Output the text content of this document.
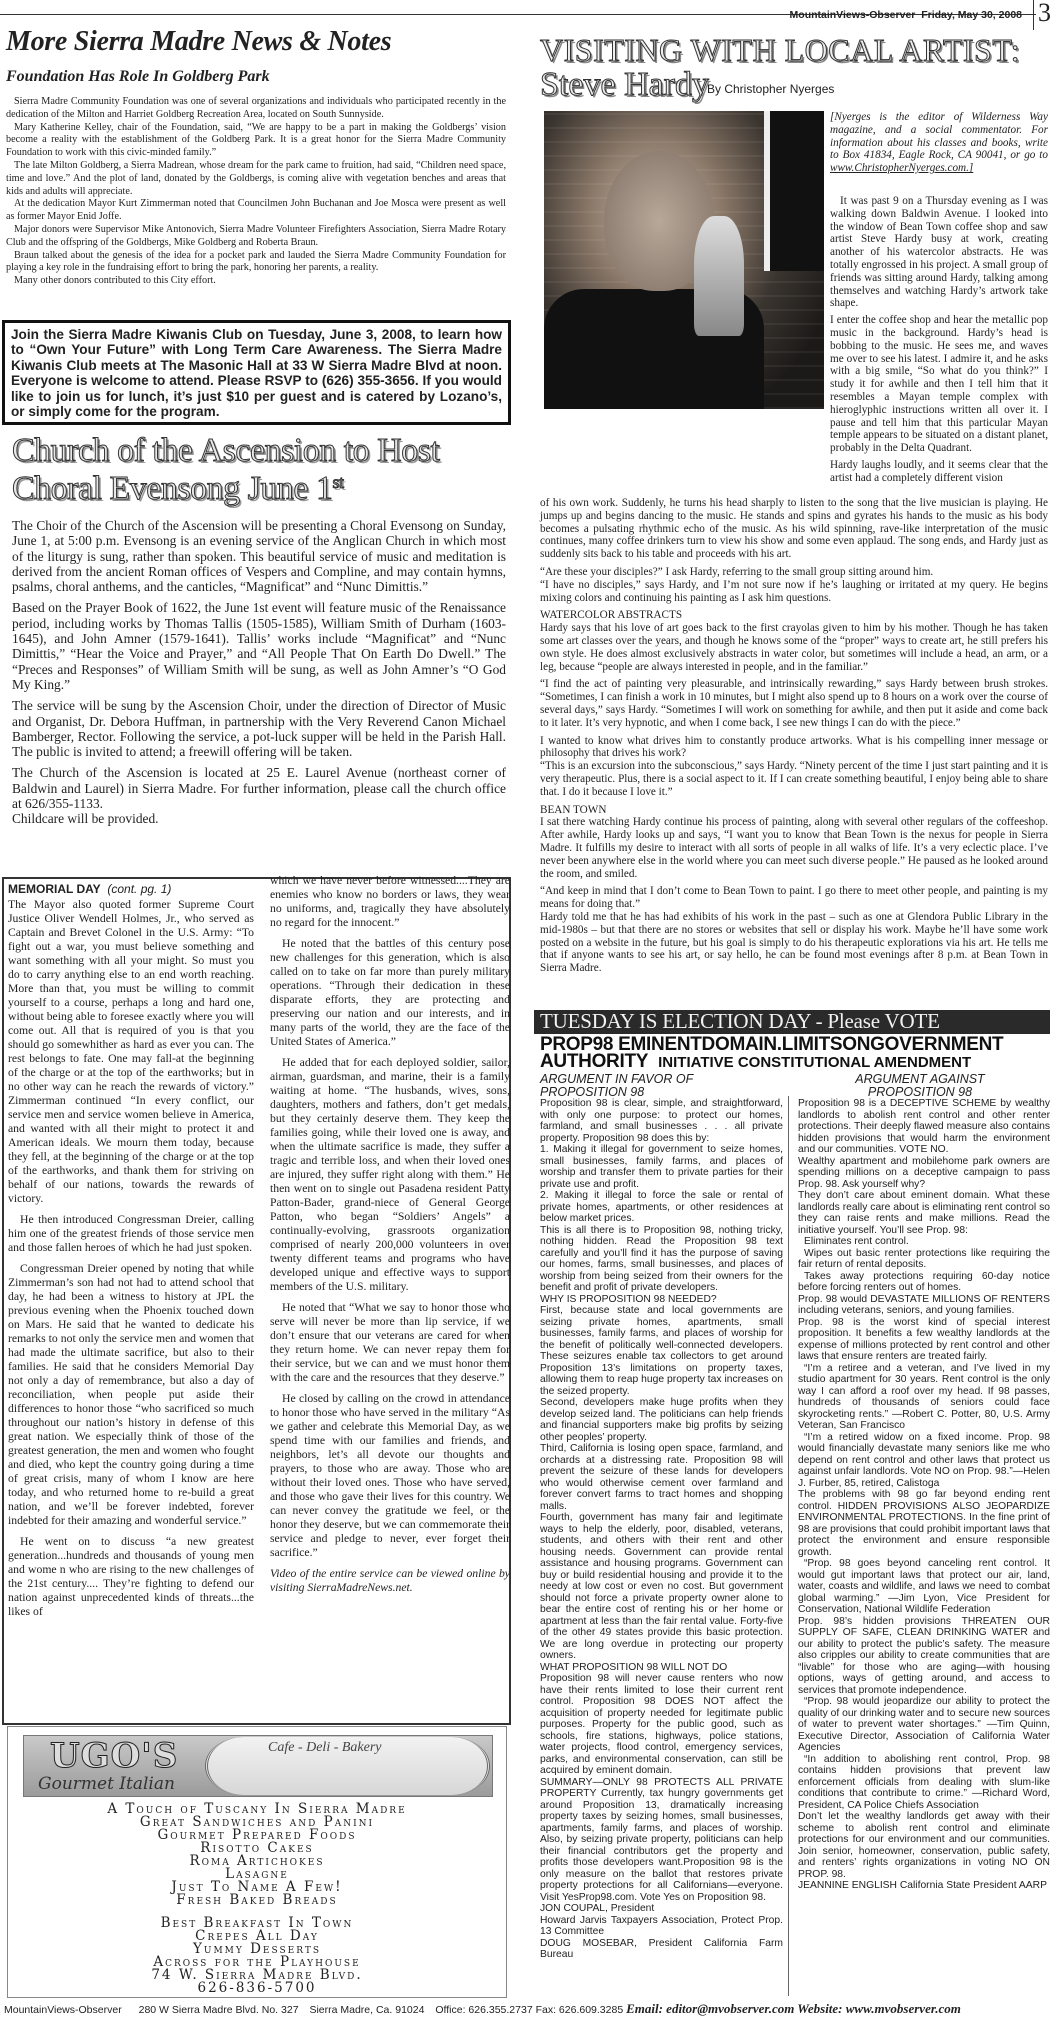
MountainViews-Observer Friday, May 30, 2008 3
More Sierra Madre News & Notes
Foundation Has Role In Goldberg Park

Sierra Madre Community Foundation was one of several organizations and individuals who participated recently in the dedication of the Milton and Harriet Goldberg Recreation Area, located on South Sunnyside.

Mary Katherine Kelley, chair of the Foundation, said, “We are happy to be a part in making the Goldbergs’ vision become a reality with the establishment of the Goldberg Park. It is a great honor for the Sierra Madre Community Foundation to work with this civic-minded family.”

The late Milton Goldberg, a Sierra Madrean, whose dream for the park came to fruition, had said, “Children need space, time and love.” And the plot of land, donated by the Goldbergs, is coming alive with vegetation benches and areas that kids and adults will appreciate.

At the dedication Mayor Kurt Zimmerman noted that Councilmen John Buchanan and Joe Mosca were present as well as former Mayor Enid Joffe.

Major donors were Supervisor Mike Antonovich, Sierra Madre Volunteer Firefighters Association, Sierra Madre Rotary Club and the offspring of the Goldbergs, Mike Goldberg and Roberta Braun.

Braun talked about the genesis of the idea for a pocket park and lauded the Sierra Madre Community Foundation for playing a key role in the fundraising effort to bring the park, honoring her parents, a reality.

Many other donors contributed to this City effort.

Join the Sierra Madre Kiwanis Club on Tuesday, June 3, 2008, to learn how to “Own Your Future” with Long Term Care Awareness. The Sierra Madre Kiwanis Club meets at The Masonic Hall at 33 W Sierra Madre Blvd at noon. Everyone is welcome to attend. Please RSVP to (626) 355-3656. If you would like to join us for lunch, it’s just $10 per guest and is catered by Lozano’s, or simply come for the program.
Church of the Ascension to Host
Choral Evensong June 1st

The Choir of the Church of the Ascension will be presenting a Choral Evensong on Sunday, June 1, at 5:00 p.m. Evensong is an evening service of the Anglican Church in which most of the liturgy is sung, rather than spoken. This beautiful service of music and meditation is derived from the ancient Roman offices of Vespers and Compline, and may contain hymns, psalms, choral anthems, and the canticles, “Magnificat” and “Nunc Dimittis.”

Based on the Prayer Book of 1622, the June 1st event will feature music of the Renaissance period, including works by Thomas Tallis (1505-1585), William Smith of Durham (1603-1645), and John Amner (1579-1641). Tallis’ works include “Magnificat” and “Nunc Dimittis,” “Hear the Voice and Prayer,” and “All People That On Earth Do Dwell.” The “Preces and Responses” of William Smith will be sung, as well as John Amner’s “O God My King.”

The service will be sung by the Ascension Choir, under the direction of Director of Music and Organist, Dr. Debora Huffman, in partnership with the Very Reverend Canon Michael Bamberger, Rector. Following the service, a pot-luck supper will be held in the Parish Hall. The public is invited to attend; a freewill offering will be taken.

The Church of the Ascension is located at 25 E. Laurel Avenue (northeast corner of Baldwin and Laurel) in Sierra Madre. For further information, please call the church office at 626/355-1133.

Childcare will be provided.

MEMORIAL DAY (cont. pg. 1)

The Mayor also quoted former Supreme Court Justice Oliver Wendell Holmes, Jr., who served as Captain and Brevet Colonel in the U.S. Army: “To fight out a war, you must believe something and want something with all your might. So must you do to carry anything else to an end worth reaching. More than that, you must be willing to commit yourself to a course, perhaps a long and hard one, without being able to foresee exactly where you will come out. All that is required of you is that you should go somewhither as hard as ever you can. The rest belongs to fate. One may fall-at the beginning of the charge or at the top of the earthworks; but in no other way can he reach the rewards of victory.” Zimmerman continued “In every conflict, our service men and service women believe in America, and wanted with all their might to protect it and American ideals. We mourn them today, because they fell, at the beginning of the charge or at the top of the earthworks, and thank them for striving on behalf of our nations, towards the rewards of victory.

He then introduced Congressman Dreier, calling him one of the greatest friends of those service men and those fallen heroes of which he had just spoken.

Congressman Dreier opened by noting that while Zimmerman’s son had not had to attend school that day, he had been a witness to history at JPL the previous evening when the Phoenix touched down on Mars. He said that he wanted to dedicate his remarks to not only the service men and women that had made the ultimate sacrifice, but also to their families. He said that he considers Memorial Day not only a day of remembrance, but also a day of reconciliation, when people put aside their differences to honor those “who sacrificed so much throughout our nation’s history in defense of this great nation. We especially think of those of the greatest generation, the men and women who fought and died, who kept the country going during a time of great crisis, many of whom I know are here today, and who returned home to re-build a great nation, and we’ll be forever indebted, forever indebted for their amazing and wonderful service.”

He went on to discuss “a new greatest generation...hundreds and thousands of young men and wome n who are rising to the new challenges of the 21st century.... They’re fighting to defend our nation against unprecedented kinds of threats...the likes of

which we have never before witnessed....They are enemies who know no borders or laws, they wear no uniforms, and, tragically they have absolutely no regard for the innocent.”

He noted that the battles of this century pose new challenges for this generation, which is also called on to take on far more than purely military operations. “Through their dedication in these disparate efforts, they are protecting and preserving our nation and our interests, and in many parts of the world, they are the face of the United States of America.”

He added that for each deployed soldier, sailor, airman, guardsman, and marine, their is a family waiting at home. “The husbands, wives, sons, daughters, mothers and fathers, don’t get medals, but they certainly deserve them. They keep the families going, while their loved one is away, and when the ultimate sacrifice is made, they suffer a tragic and terrible loss, and when their loved ones are injured, they suffer right along with them.” He then went on to single out Pasadena resident Patty Patton-Bader, grand-niece of General George Patton, who began “Soldiers’ Angels” a continually-evolving, grassroots organization comprised of nearly 200,000 volunteers in over twenty different teams and programs who have developed unique and effective ways to support members of the U.S. military.

He noted that “What we say to honor those who serve will never be more than lip service, if we don’t ensure that our veterans are cared for when they return home. We can never repay them for their service, but we can and we must honor them with the care and the resources that they deserve.”

He closed by calling on the crowd in attendance to honor those who have served in the military “As we gather and celebrate this Memorial Day, as we spend time with our families and friends, and neighbors, let’s all devote our thoughts and prayers, to those who are away. Those who are without their loved ones. Those who have served, and those who gave their lives for this country. We can never convey the gratitude we feel, or the honor they deserve, but we can commemorate their service and pledge to never, ever forget their sacrifice.”

Video of the entire service can be viewed online by visiting SierraMadreNews.net.

UGO'S
Gourmet Italian
Cafe - Deli - Bakery
A Touch of Tuscany In Sierra Madre
Great Sandwiches and Panini
Gourmet Prepared Foods
Risotto Cakes
Roma Artichokes
Lasagne
Just To Name A Few!
Fresh Baked Breads
Best Breakfast In Town
Crepes All Day
Yummy Desserts
Across for the Playhouse
74 W. Sierra Madre Blvd.
626-836-5700
VISITING WITH LOCAL ARTIST:
Steve Hardy
By Christopher Nyerges
[Nyerges is the editor of Wilderness Way magazine, and a social commentator. For information about his classes and books, write to Box 41834, Eagle Rock, CA 90041, or go to www.ChristopherNyerges.com.]

It was past 9 on a Thursday evening as I was walking down Baldwin Avenue. I looked into the window of Bean Town coffee shop and saw artist Steve Hardy busy at work, creating another of his watercolor abstracts. He was totally engrossed in his project. A small group of friends was sitting around Hardy, talking among themselves and watching Hardy’s artwork take shape.

I enter the coffee shop and hear the metallic pop music in the background. Hardy’s head is bobbing to the music. He sees me, and waves me over to see his latest. I admire it, and he asks with a big smile, “So what do you think?” I study it for awhile and then I tell him that it resembles a Mayan temple complex with hieroglyphic instructions written all over it. I pause and tell him that this particular Mayan temple appears to be situated on a distant planet, probably in the Delta Quadrant.

Hardy laughs loudly, and it seems clear that the artist had a completely different vision

of his own work. Suddenly, he turns his head sharply to listen to the song that the live musician is playing. He jumps up and begins dancing to the music. He stands and spins and gyrates his hands to the music as his body becomes a pulsating rhythmic echo of the music. As his wild spinning, rave-like interpretation of the music continues, many coffee drinkers turn to view his show and some even applaud. The song ends, and Hardy just as suddenly sits back to his table and proceeds with his art.

“Are these your disciples?” I ask Hardy, referring to the small group sitting around him.

“I have no disciples,” says Hardy, and I’m not sure now if he’s laughing or irritated at my query. He begins mixing colors and continuing his painting as I ask him questions.

WATERCOLOR ABSTRACTS

Hardy says that his love of art goes back to the first crayolas given to him by his mother. Though he has taken some art classes over the years, and though he knows some of the “proper” ways to create art, he still prefers his own style. He does almost exclusively abstracts in water color, but sometimes will include a head, an arm, or a leg, because “people are always interested in people, and in the familiar.”

“I find the act of painting very pleasurable, and intrinsically rewarding,” says Hardy between brush strokes. “Sometimes, I can finish a work in 10 minutes, but I might also spend up to 8 hours on a work over the course of several days,” says Hardy. “Sometimes I will work on something for awhile, and then put it aside and come back to it later. It’s very hypnotic, and when I come back, I see new things I can do with the piece.”

I wanted to know what drives him to constantly produce artworks. What is his compelling inner message or philosophy that drives his work?

“This is an excursion into the subconscious,” says Hardy. “Ninety percent of the time I just start painting and it is very therapeutic. Plus, there is a social aspect to it. If I can create something beautiful, I enjoy being able to share that. I do it because I love it.”

BEAN TOWN

I sat there watching Hardy continue his process of painting, along with several other regulars of the coffeeshop. After awhile, Hardy looks up and says, “I want you to know that Bean Town is the nexus for people in Sierra Madre. It fulfills my desire to interact with all sorts of people in all walks of life. It’s a very eclectic place. I’ve never been anywhere else in the world where you can meet such diverse people.” He paused as he looked around the room, and smiled.

“And keep in mind that I don’t come to Bean Town to paint. I go there to meet other people, and painting is my means for doing that.”

Hardy told me that he has had exhibits of his work in the past – such as one at Glendora Public Library in the mid-1980s – but that there are no stores or websites that sell or display his work. Maybe he’ll have some work posted on a website in the future, but his goal is simply to do his therapeutic explorations via his art. He tells me that if anyone wants to see his art, or say hello, he can be found most evenings after 8 p.m. at Bean Town in Sierra Madre.

TUESDAY IS ELECTION DAY - Please VOTE
PROP98 EMINENTDOMAIN.LIMITSONGOVERNMENT AUTHORITY INITIATIVE CONSTITUTIONAL AMENDMENT
ARGUMENT IN FAVOR OF
PROPOSITION 98
ARGUMENT AGAINST
PROPOSITION 98

Proposition 98 is clear, simple, and straightforward, with only one purpose: to protect our homes, farmland, and small businesses . . . all private property. Proposition 98 does this by:

1. Making it illegal for government to seize homes, small businesses, family farms, and places of worship and transfer them to private parties for their private use and profit.

2. Making it illegal to force the sale or rental of private homes, apartments, or other residences at below market prices.

This is all there is to Proposition 98, nothing tricky, nothing hidden. Read the Proposition 98 text carefully and you’ll find it has the purpose of saving our homes, farms, small businesses, and places of worship from being seized from their owners for the benefit and profit of private developers.

WHY IS PROPOSITION 98 NEEDED?

First, because state and local governments are seizing private homes, apartments, small businesses, family farms, and places of worship for the benefit of politically well-connected developers. These seizures enable tax collectors to get around Proposition 13’s limitations on property taxes, allowing them to reap huge property tax increases on the seized property.

Second, developers make huge profits when they develop seized land. The politicians can help friends and financial supporters make big profits by seizing other peoples’ property.

Third, California is losing open space, farmland, and orchards at a distressing rate. Proposition 98 will prevent the seizure of these lands for developers who would otherwise cement over farmland and forever convert farms to tract homes and shopping malls.

Fourth, government has many fair and legitimate ways to help the elderly, poor, disabled, veterans, students, and others with their rent and other housing needs. Government can provide rental assistance and housing programs. Government can buy or build residential housing and provide it to the needy at low cost or even no cost. But government should not force a private property owner alone to bear the entire cost of renting his or her home or apartment at less than the fair rental value. Forty-five of the other 49 states provide this basic protection. We are long overdue in protecting our property owners.

WHAT PROPOSITION 98 WILL NOT DO

Proposition 98 will never cause renters who now have their rents limited to lose their current rent control. Proposition 98 DOES NOT affect the acquisition of property needed for legitimate public purposes. Property for the public good, such as schools, fire stations, highways, police stations, water projects, flood control, emergency services, parks, and environmental conservation, can still be acquired by eminent domain.

SUMMARY—ONLY 98 PROTECTS ALL PRIVATE PROPERTY Currently, tax hungry governments get around Proposition 13, dramatically increasing property taxes by seizing homes, small businesses, apartments, family farms, and places of worship. Also, by seizing private property, politicians can help their financial contributors get the property and profits those developers want.Proposition 98 is the only measure on the ballot that restores private property protections for all Californians—everyone. Visit YesProp98.com. Vote Yes on Proposition 98.

JON COUPAL, President

Howard Jarvis Taxpayers Association, Protect Prop. 13 Committee

DOUG MOSEBAR, President California Farm Bureau

Proposition 98 is a DECEPTIVE SCHEME by wealthy landlords to abolish rent control and other renter protections. Their deeply flawed measure also contains hidden provisions that would harm the environment and our communities. VOTE NO.

Wealthy apartment and mobilehome park owners are spending millions on a deceptive campaign to pass Prop. 98. Ask yourself why?

They don’t care about eminent domain. What these landlords really care about is eliminating rent control so they can raise rents and make millions. Read the initiative yourself. You’ll see Prop. 98:

Eliminates rent control.

Wipes out basic renter protections like requiring the fair return of rental deposits.

Takes away protections requiring 60-day notice before forcing renters out of homes.

Prop. 98 would DEVASTATE MILLIONS OF RENTERS including veterans, seniors, and young families.

Prop. 98 is the worst kind of special interest proposition. It benefits a few wealthy landlords at the expense of millions protected by rent control and other laws that ensure renters are treated fairly.

“I’m a retiree and a veteran, and I’ve lived in my studio apartment for 30 years. Rent control is the only way I can afford a roof over my head. If 98 passes, hundreds of thousands of seniors could face skyrocketing rents.” —Robert C. Potter, 80, U.S. Army Veteran, San Francisco

“I’m a retired widow on a fixed income. Prop. 98 would financially devastate many seniors like me who depend on rent control and other laws that protect us against unfair landlords. Vote NO on Prop. 98.”—Helen J. Furber, 85, retired, Calistoga

The problems with 98 go far beyond ending rent control. HIDDEN PROVISIONS ALSO JEOPARDIZE ENVIRONMENTAL PROTECTIONS. In the fine print of 98 are provisions that could prohibit important laws that protect the environment and ensure responsible growth.

“Prop. 98 goes beyond canceling rent control. It would gut important laws that protect our air, land, water, coasts and wildlife, and laws we need to combat global warming.” —Jim Lyon, Vice President for Conservation, National Wildlife Federation

Prop. 98’s hidden provisions THREATEN OUR SUPPLY OF SAFE, CLEAN DRINKING WATER and our ability to protect the public’s safety. The measure also cripples our ability to create communities that are “livable” for those who are aging—with housing options, ways of getting around, and access to services that promote independence.

“Prop. 98 would jeopardize our ability to protect the quality of our drinking water and to secure new sources of water to prevent water shortages.” —Tim Quinn, Executive Director, Association of California Water Agencies

“In addition to abolishing rent control, Prop. 98 contains hidden provisions that prevent law enforcement officials from dealing with slum-like conditions that contribute to crime.” —Richard Word, President, CA Police Chiefs Association

Don’t let the wealthy landlords get away with their scheme to abolish rent control and eliminate protections for our environment and our communities. Join senior, homeowner, conservation, public safety, and renters’ rights organizations in voting NO ON PROP. 98.

JEANNINE ENGLISH California State President AARP

MountainViews-Observer 280 W Sierra Madre Blvd. No. 327 Sierra Madre, Ca. 91024 Office: 626.355.2737 Fax: 626.609.3285 Email: editor@mvobserver.com Website: www.mvobserver.com
